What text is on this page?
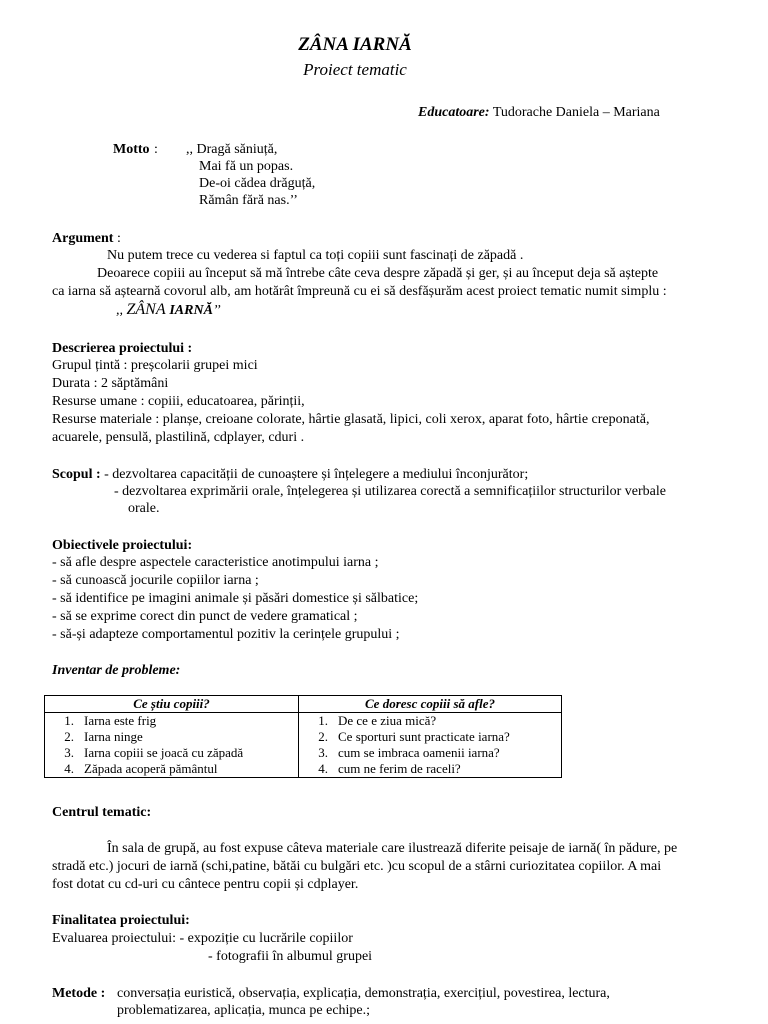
ZÂNA IARNĂ
Proiect tematic
Educatoare: Tudorache Daniela – Mariana
Motto : ,, Dragă săniuță,
Mai fă un popas.
De-oi cădea drăguță,
Rămân fără nas.’’
Argument :
Nu putem trece cu vederea si faptul ca toți copiii sunt fascinați de zăpadă .
Deoarece copiii au început să mă întrebe câte ceva despre zăpadă și ger, și au început deja să aștepte
ca iarna să aștearnă covorul alb, am hotărât împreună cu ei să desfășurăm acest proiect tematic numit simplu :
,, ZÂNA IARNĂ’’
Descrierea proiectului :
Grupul țintă : preșcolarii grupei mici
Durata : 2 săptămâni
Resurse umane : copiii, educatoarea, părinții,
Resurse materiale : planșe, creioane colorate, hârtie glasată, lipici, coli xerox, aparat foto, hârtie creponată,
acuarele, pensulă, plastilină, cdplayer, cduri .
Scopul : - dezvoltarea capacității de cunoaștere și înțelegere a mediului înconjurător;
- dezvoltarea exprimării orale, înțelegerea și utilizarea corectă a semnificațiilor structurilor verbale
orale.
Obiectivele proiectului:
- să afle despre aspectele caracteristice anotimpului iarna ;
- să cunoască jocurile copiilor iarna ;
- să identifice pe imagini animale și păsări domestice și sălbatice;
- să se exprime corect din punct de vedere gramatical ;
- să-și adapteze comportamentul pozitiv la cerințele grupului ;
Inventar de probleme:
Ce știu copiii?	Ce doresc copiii să afle?
1. Iarna este frig	1. De ce e ziua mică?
2. Iarna ninge	2. Ce sporturi sunt practicate iarna?
3. Iarna copiii se joacă cu zăpadă	3. cum se imbraca oamenii iarna?
4. Zăpada acoperă pământul	4. cum ne ferim de raceli?
Centrul tematic:
În sala de grupă, au fost expuse câteva materiale care ilustrează diferite peisaje de iarnă( în pădure, pe
stradă etc.) jocuri de iarnă (schi,patine, bătăi cu bulgări etc. )cu scopul de a stârni curiozitatea copiilor. A mai
fost dotat cu cd-uri cu cântece pentru copii și cdplayer.
Finalitatea proiectului:
Evaluarea proiectului: - expoziție cu lucrările copiilor
- fotografii în albumul grupei
Metode : conversația euristică, observația, explicația, demonstrația, exercițiul, povestirea, lectura,
problematizarea, aplicația, munca pe echipe.;
